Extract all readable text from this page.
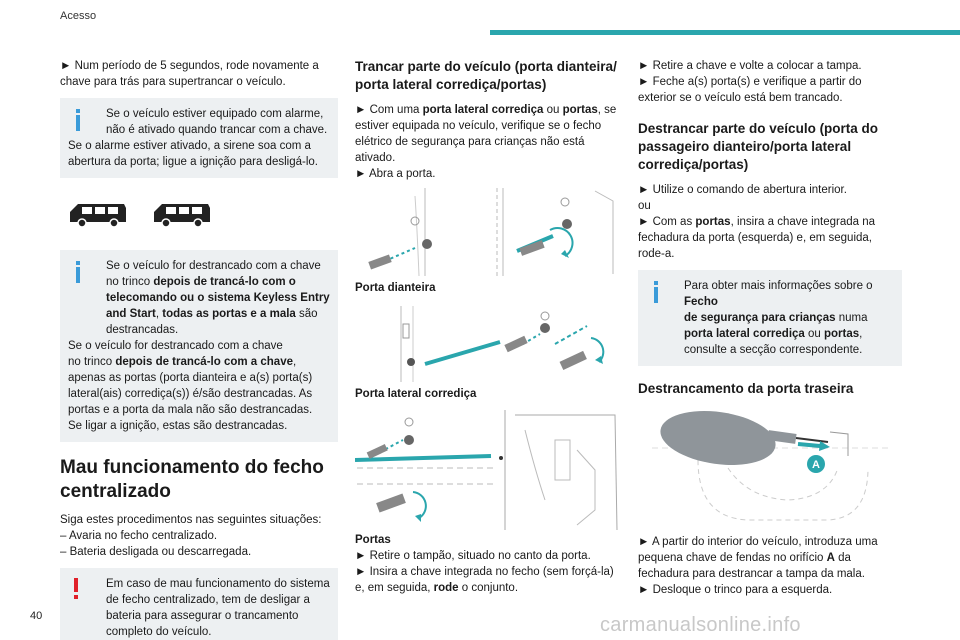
Acesso

► Num período de 5 segundos, rode novamente a chave para trás para supertrancar o veículo.

Se o veículo estiver equipado com alarme,

não é ativado quando trancar com a chave.

Se o alarme estiver ativado, a sirene soa com a abertura da porta; ligue a ignição para desligá-lo.

Se o veículo for destrancado com a chave

no trinco depois de trancá-lo com o telecomando ou o sistema Keyless Entry and Start, todas as portas e a mala são destrancadas.

Se o veículo for destrancado com a chave

no trinco depois de trancá-lo com a chave, apenas as portas (porta dianteira e a(s) porta(s) lateral(ais) corrediça(s)) é/são destrancadas. As portas e a porta da mala não são destrancadas.

Se ligar a ignição, estas são destrancadas.

Mau funcionamento do fecho centralizado

Siga estes procedimentos nas seguintes situações:

– Avaria no fecho centralizado.

– Bateria desligada ou descarregada.

Em caso de mau funcionamento do sistema

de fecho centralizado, tem de desligar a bateria para assegurar o trancamento completo do veículo.

Trancar parte do veículo (porta dianteira/ porta lateral corrediça/portas)

► Com uma porta lateral corrediça ou portas, se estiver equipada no veículo, verifique se o fecho elétrico de segurança para crianças não está ativado.

► Abra a porta.

Porta dianteira
Porta lateral corrediça
Portas

► Retire o tampão, situado no canto da porta.

► Insira a chave integrada no fecho (sem forçá-la) e, em seguida, rode o conjunto.

► Retire a chave e volte a colocar a tampa.

► Feche a(s) porta(s) e verifique a partir do exterior se o veículo está bem trancado.

Destrancar parte do veículo (porta do passageiro dianteiro/porta lateral corrediça/portas)

► Utilize o comando de abertura interior.

ou

► Com as portas, insira a chave integrada na fechadura da porta (esquerda) e, em seguida, rode-a.

Para obter mais informações sobre o Fecho

de segurança para crianças numa porta lateral corrediça ou portas, consulte a secção correspondente.

Destrancamento da porta traseira
A

► A partir do interior do veículo, introduza uma pequena chave de fendas no orifício A da fechadura para destrancar a tampa da mala.

► Desloque o trinco para a esquerda.

40	carmanualsonline.info
